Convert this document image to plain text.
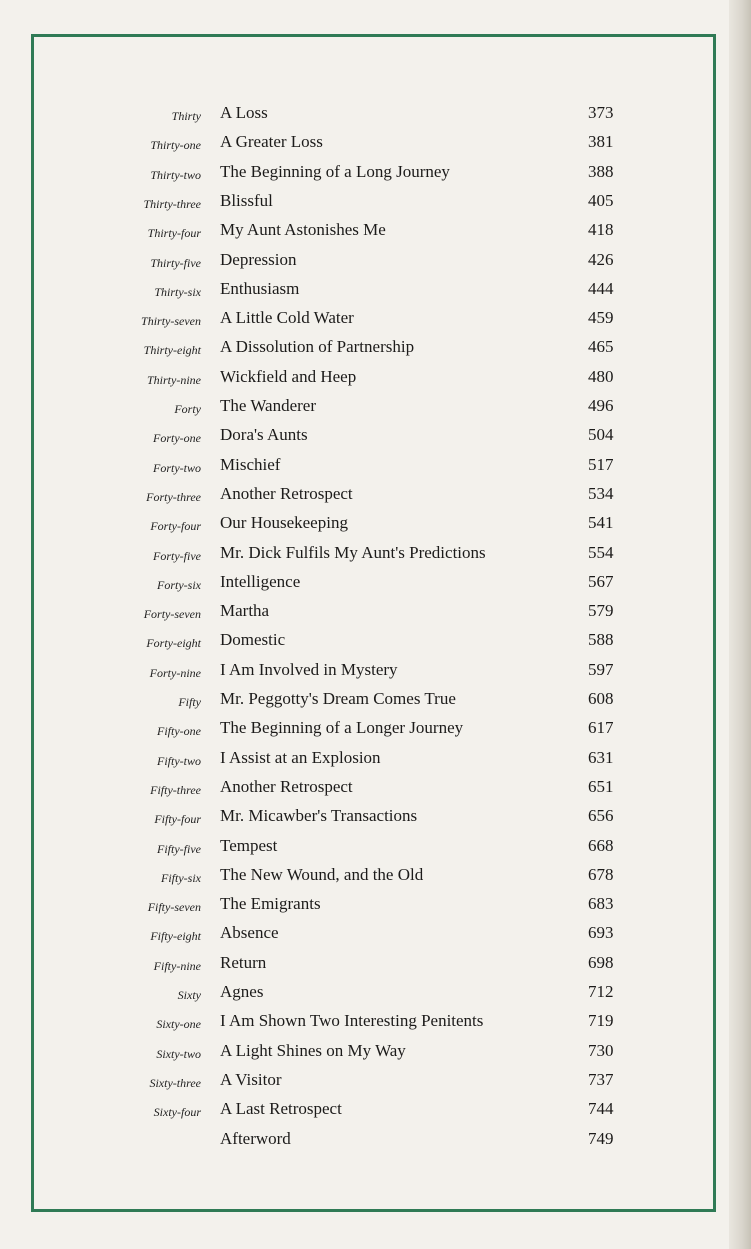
Thirty A Loss	373
Thirty-one A Greater Loss	381
Thirty-two The Beginning of a Long Journey	388
Thirty-three Blissful	405
Thirty-four My Aunt Astonishes Me	418
Thirty-five Depression	426
Thirty-six Enthusiasm	444
Thirty-seven A Little Cold Water	459
Thirty-eight A Dissolution of Partnership	465
Thirty-nine Wickfield and Heep	480
Forty The Wanderer	496
Forty-one Dora's Aunts	504
Forty-two Mischief	517
Forty-three Another Retrospect	534
Forty-four Our Housekeeping	541
Forty-five Mr. Dick Fulfils My Aunt's Predictions	554
Forty-six Intelligence	567
Forty-seven Martha	579
Forty-eight Domestic	588
Forty-nine I Am Involved in Mystery	597
Fifty Mr. Peggotty's Dream Comes True	608
Fifty-one The Beginning of a Longer Journey	617
Fifty-two I Assist at an Explosion	631
Fifty-three Another Retrospect	651
Fifty-four Mr. Micawber's Transactions	656
Fifty-five Tempest	668
Fifty-six The New Wound, and the Old	678
Fifty-seven The Emigrants	683
Fifty-eight Absence	693
Fifty-nine Return	698
Sixty Agnes	712
Sixty-one I Am Shown Two Interesting Penitents	719
Sixty-two A Light Shines on My Way	730
Sixty-three A Visitor	737
Sixty-four A Last Retrospect	744
Afterword	749
